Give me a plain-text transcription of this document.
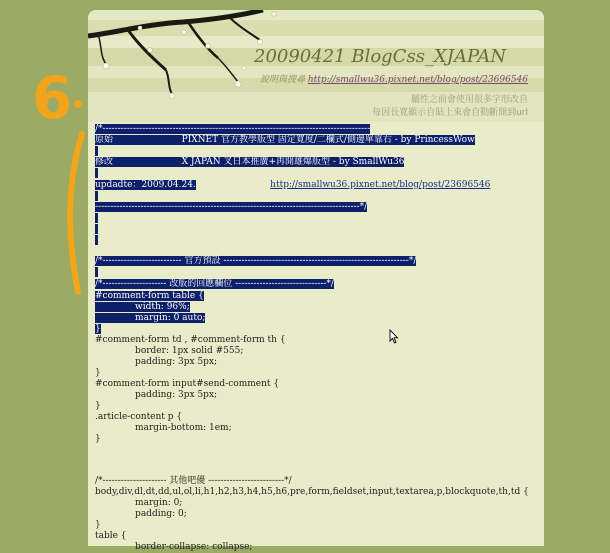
20090421 BlogCss_XJAPAN
說明與搜尋 http://smallwu36.pixnet.net/blog/post/23696546
屬性之前會使用很多字形改自
每因長寬顯示自貼上來會自動斷開到url
/*----------------------------------------------------------------------------------------
原始                        PIXNET 官方教學版型 固定寬度/二欄式/側邊單靠右 - by PrincessWow

修改                        X JAPAN 叉日本推廣+再開雄爆版型 - by SmallWu36

updadte：2009.04.24.	http://smallwu36.pixnet.net/blog/post/23696546

---------------------------------------------------------------------------------------*/

/*-------------------------- 官方預設 -------------------------------------------------------------*/

/*--------------------- 改版的回應欄位 ------------------------------*/
#comment-form table {
width: 96%;
margin: 0 auto;
}
#comment-form td , #comment-form th {
border: 1px solid #555;
padding: 3px 5px;
}
#comment-form input#send-comment {
padding: 3px 5px;
}
.article-content p {
margin-bottom: 1em;
}
/*--------------------- 其他吧優 -------------------------*/
body,div,dl,dt,dd,ul,ol,li,h1,h2,h3,h4,h5,h6,pre,form,fieldset,input,textarea,p,blockquote,th,td {
margin: 0;
padding: 0;
}
table {
border-collapse: collapse;
6
